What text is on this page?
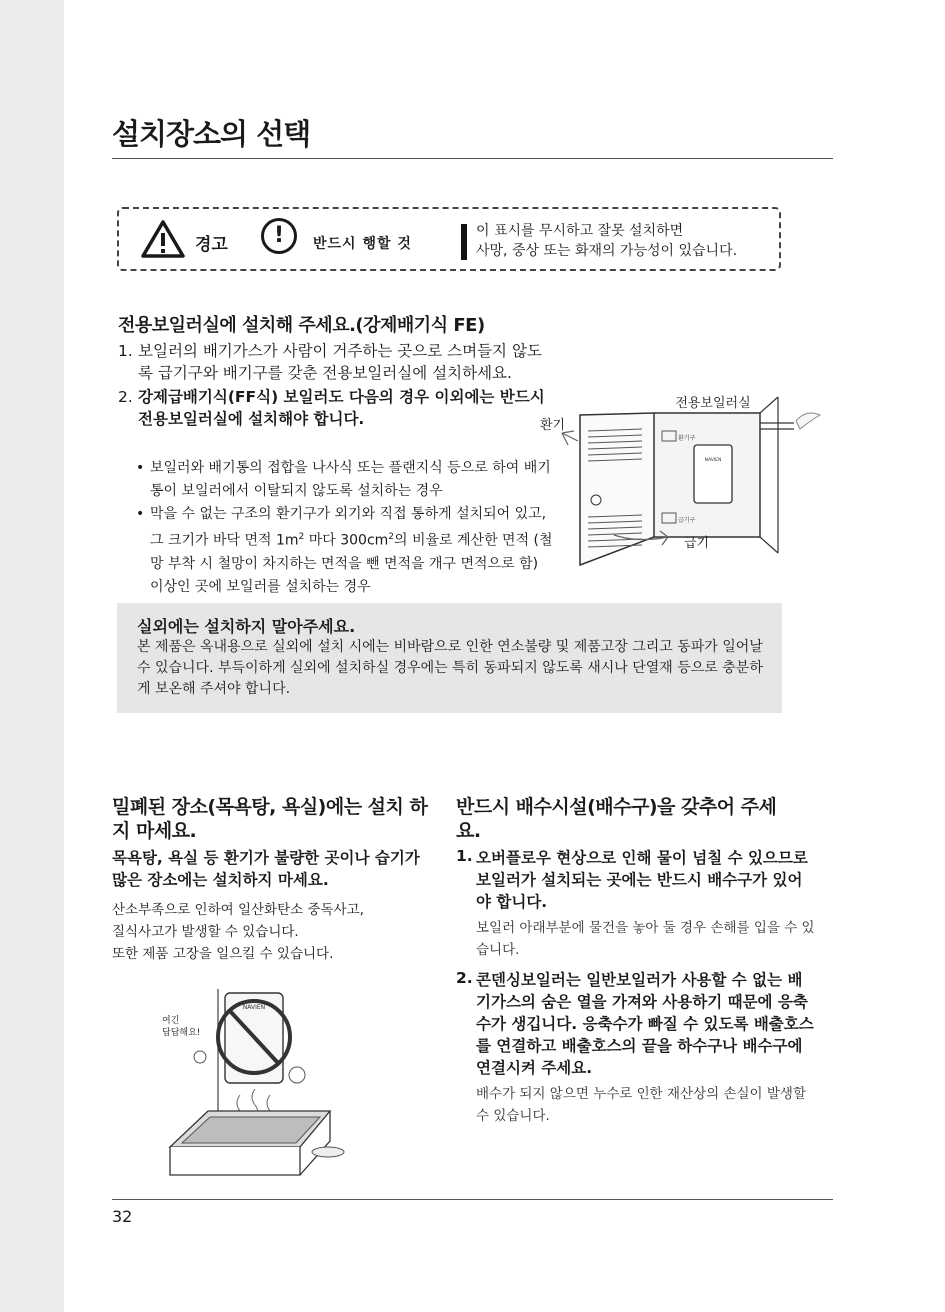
설치장소의 선택
경고	!	반드시 행할 것
이 표시를 무시하고 잘못 설치하면
사망, 중상 또는 화재의 가능성이 있습니다.
전용보일러실에 설치해 주세요.(강제배기식 FE)
1. 보일러의 배기가스가 사람이 거주하는 곳으로 스며들지 않도록 급기구와 배기구를 갖춘 전용보일러실에 설치하세요.
2. 강제급배기식(FF식) 보일러도 다음의 경우 이외에는 반드시 전용보일러실에 설치해야 합니다.
• 보일러와 배기통의 접합을 나사식 또는 플랜지식 등으로 하여 배기통이 보일러에서 이탈되지 않도록 설치하는 경우
• 막을 수 없는 구조의 환기구가 외기와 직접 통하게 설치되어 있고, 그 크기가 바닥 면적 $1m^2$ 마다 $300cm^2$의 비율로 계산한 면적 (철망 부착 시 철망이 차지하는 면적을 뺀 면적을 개구 면적으로 함) 이상인 곳에 보일러를 설치하는 경우
환기구
급기구
NAVIEN
전용보일러실
환기
급기
실외에는 설치하지 말아주세요.
본 제품은 옥내용으로 실외에 설치 시에는 비바람으로 인한 연소불량 및 제품고장 그리고 동파가 일어날 수 있습니다. 부득이하게 실외에 설치하실 경우에는 특히 동파되지 않도록 새시나 단열재 등으로 충분하게 보온해 주셔야 합니다.
밀폐된 장소(목욕탕, 욕실)에는 설치 하지 마세요.
목욕탕, 욕실 등 환기가 불량한 곳이나 습기가 많은 장소에는 설치하지 마세요.
산소부족으로 인하여 일산화탄소 중독사고,
질식사고가 발생할 수 있습니다.
또한 제품 고장을 일으킬 수 있습니다.
NAVIEN
여긴
답답해요!
반드시 배수시설(배수구)을 갖추어 주세요.
1. 오버플로우 현상으로 인해 물이 넘칠 수 있으므로 보일러가 설치되는 곳에는 반드시 배수구가 있어야 합니다.
보일러 아래부분에 물건을 놓아 둘 경우 손해를 입을 수 있습니다.
2. 콘덴싱보일러는 일반보일러가 사용할 수 없는 배기가스의 숨은 열을 가져와 사용하기 때문에 응축수가 생깁니다. 응축수가 빠질 수 있도록 배출호스를 연결하고 배출호스의 끝을 하수구나 배수구에 연결시켜 주세요.
배수가 되지 않으면 누수로 인한 재산상의 손실이 발생할 수 있습니다.
32
